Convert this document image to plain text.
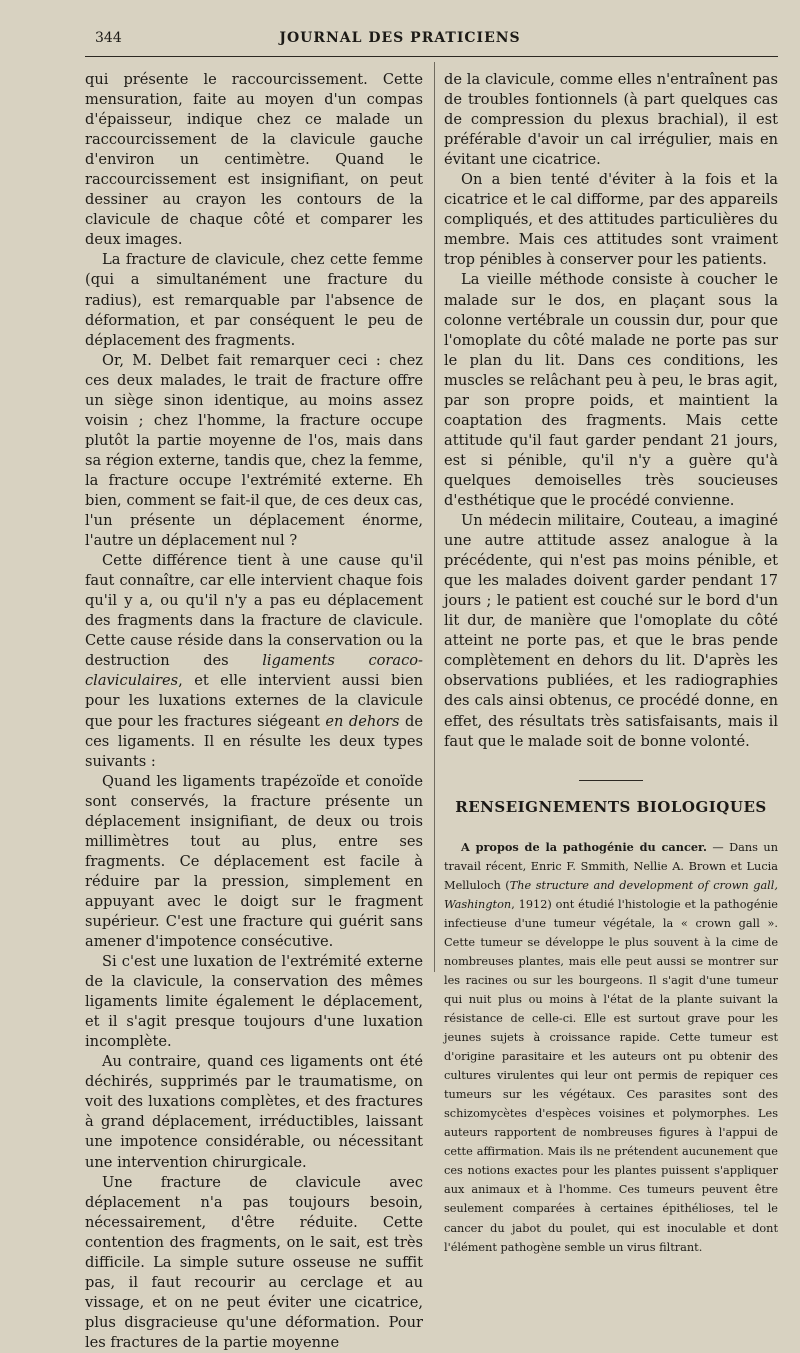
344	JOURNAL DES PRATICIENS

qui présente le raccourcissement. Cette mensuration, faite au moyen d'un compas d'épaisseur, indique chez ce malade un raccourcissement de la clavicule gauche d'environ un centimètre. Quand le raccourcissement est insignifiant, on peut dessiner au crayon les contours de la clavicule de chaque côté et comparer les deux images.

La fracture de clavicule, chez cette femme (qui a simultanément une fracture du radius), est remarquable par l'absence de déformation, et par conséquent le peu de déplacement des fragments.

Or, M. Delbet fait remarquer ceci : chez ces deux malades, le trait de fracture offre un siège sinon identique, au moins assez voisin ; chez l'homme, la fracture occupe plutôt la partie moyenne de l'os, mais dans sa région externe, tandis que, chez la femme, la fracture occupe l'extrémité externe. Eh bien, comment se fait-il que, de ces deux cas, l'un présente un déplacement énorme, l'autre un déplacement nul ?

Cette différence tient à une cause qu'il faut connaître, car elle intervient chaque fois qu'il y a, ou qu'il n'y a pas eu déplacement des fragments dans la fracture de clavicule. Cette cause réside dans la conservation ou la destruction des ligaments coraco-claviculaires, et elle intervient aussi bien pour les luxations externes de la clavicule que pour les fractures siégeant en dehors de ces ligaments. Il en résulte les deux types suivants :

Quand les ligaments trapézoïde et conoïde sont conservés, la fracture présente un déplacement insignifiant, de deux ou trois millimètres tout au plus, entre ses fragments. Ce déplacement est facile à réduire par la pression, simplement en appuyant avec le doigt sur le fragment supérieur. C'est une fracture qui guérit sans amener d'impotence consécutive.

Si c'est une luxation de l'extrémité externe de la clavicule, la conservation des mêmes ligaments limite également le déplacement, et il s'agit presque toujours d'une luxation incomplète.

Au contraire, quand ces ligaments ont été déchirés, supprimés par le traumatisme, on voit des luxations complètes, et des fractures à grand déplacement, irréductibles, laissant une impotence considérable, ou nécessitant une intervention chirurgicale.

Une fracture de clavicule avec déplacement n'a pas toujours besoin, nécessairement, d'être réduite. Cette contention des fragments, on le sait, est très difficile. La simple suture osseuse ne suffit pas, il faut recourir au cerclage et au vissage, et on ne peut éviter une cicatrice, plus disgracieuse qu'une déformation. Pour les fractures de la partie moyenne

de la clavicule, comme elles n'entraînent pas de troubles fontionnels (à part quelques cas de compression du plexus brachial), il est préférable d'avoir un cal irrégulier, mais en évitant une cicatrice.

On a bien tenté d'éviter à la fois et la cicatrice et le cal difforme, par des appareils compliqués, et des attitudes particulières du membre. Mais ces attitudes sont vraiment trop pénibles à conserver pour les patients.

La vieille méthode consiste à coucher le malade sur le dos, en plaçant sous la colonne vertébrale un coussin dur, pour que l'omoplate du côté malade ne porte pas sur le plan du lit. Dans ces conditions, les muscles se relâchant peu à peu, le bras agit, par son propre poids, et maintient la coaptation des fragments. Mais cette attitude qu'il faut garder pendant 21 jours, est si pénible, qu'il n'y a guère qu'à quelques demoiselles très soucieuses d'esthétique que le procédé convienne.

Un médecin militaire, Couteau, a imaginé une autre attitude assez analogue à la précédente, qui n'est pas moins pénible, et que les malades doivent garder pendant 17 jours ; le patient est couché sur le bord d'un lit dur, de manière que l'omoplate du côté atteint ne porte pas, et que le bras pende complètement en dehors du lit. D'après les observations publiées, et les radiographies des cals ainsi obtenus, ce procédé donne, en effet, des résultats très satisfaisants, mais il faut que le malade soit de bonne volonté.

RENSEIGNEMENTS BIOLOGIQUES

A propos de la pathogénie du cancer. — Dans un travail récent, Enric F. Smmith, Nellie A. Brown et Lucia Melluloch (The structure and development of crown gall, Washington, 1912) ont étudié l'histologie et la pathogénie infectieuse d'une tumeur végétale, la « crown gall ». Cette tumeur se développe le plus souvent à la cime de nombreuses plantes, mais elle peut aussi se montrer sur les racines ou sur les bourgeons. Il s'agit d'une tumeur qui nuit plus ou moins à l'état de la plante suivant la résistance de celle-ci. Elle est surtout grave pour les jeunes sujets à croissance rapide. Cette tumeur est d'origine parasitaire et les auteurs ont pu obtenir des cultures virulentes qui leur ont permis de repiquer ces tumeurs sur les végétaux. Ces parasites sont des schizomycètes d'espèces voisines et polymorphes. Les auteurs rapportent de nombreuses figures à l'appui de cette affirmation. Mais ils ne prétendent aucunement que ces notions exactes pour les plantes puissent s'appliquer aux animaux et à l'homme. Ces tumeurs peuvent être seulement comparées à certaines épithélioses, tel le cancer du jabot du poulet, qui est inoculable et dont l'élément pathogène semble un virus filtrant.
